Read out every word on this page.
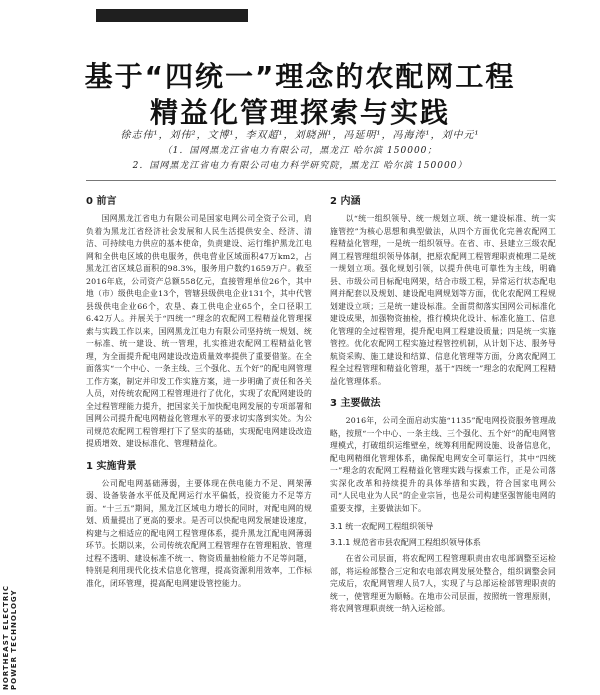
基于“四统一”理念的农配网工程
精益化管理探索与实践
徐志伟¹，刘伟²，文博¹，李双超¹，刘晓洲¹，冯延明¹，冯海涛¹，刘中元¹
（1．国网黑龙江省电力有限公司，黑龙江 哈尔滨 150000；
2．国网黑龙江省电力有限公司电力科学研究院，黑龙江 哈尔滨 150000）
0 前言

国网黑龙江省电力有限公司是国家电网公司全资子公司，肩负着为黑龙江省经济社会发展和人民生活提供安全、经济、清洁、可持续电力供应的基本使命，负责建设、运行维护黑龙江电网和全供电区域的供电服务，供电营业区域面积47万km2，占黑龙江省区域总面积的98.3%，服务用户数约1659万户。截至2016年底，公司资产总额558亿元，直接管理单位26个，其中地（市）级供电企业13个，管辖县级供电企业131个，其中代管县级供电企业66个，农垦、森工供电企业65个，全口径职工6.42万人。并展关于“四统一”理念的农配网工程精益化管理探索与实践工作以来，国网黑龙江电力有限公司坚持统一规划、统一标准、统一建设、统一管理，扎实推进农配网工程精益化管理，为全面提升配电网建设改造质量效率提供了重要借鉴。在全面落实“一个中心、一条主线、三个强化、五个好”的配电网管理工作方案，制定并印发工作实施方案，进一步明确了责任和各关人员，对传统农配网工程管理进行了优化，实现了农配网建设的全过程管理能力提升，把国家关于加快配电网发展的专项部署和国网公司提升配电网精益化管理水平的要求切实落到实处。为公司规范农配网工程管理打下了坚实的基础，实现配电网建设改造提质增效、建设标准化、管理精益化。

1 实施背景

公司配电网基础薄弱，主要体现在供电能力不足、网架薄弱、设备装备水平低及配网运行水平偏低，投资能力不足等方面。“十三五”期间，黑龙江区域电力增长的同时，对配电网的规划、质量提出了更高的要求。是否可以快配电网发展建设速度，构建与之相适应的配电网工程管理体系，提升黑龙江配电网薄弱环节。长期以来，公司传统农配网工程管理存在管理粗放、管理过程不透明、建设标准不统一、物资质量抽检能力不足等问题，特别是利用现代化技术信息化管理，提高资源利用效率，工作标准化，闭环管理，提高配电网建设管控能力。

2 内涵

以“统一组织领导、统一规划立项、统一建设标准、统一实施管控”为核心思想和典型做法，从四个方面优化完善农配网工程精益化管理，一是统一组织领导。在省、市、县建立三级农配网工程管理组织领导体制，把原农配网工程管理职责梳理二是统一规划立项。强化规划引领，以提升供电可靠性为主线，明确县、市级公司目标配电网架，结合市级工程，异常运行状态配电网并配套以及规划、建设配电网规划等方面，优化农配网工程规划建设立项；三是统一建设标准。全面贯彻落实国网公司标准化建设成果，加强物资抽检，推行模块化设计、标准化施工、信息化管理的全过程管理，提升配电网工程建设质量；四是统一实施管控。优化农配网工程实施过程管控机制，从计划下达、服务导航资采购、施工建设和结算、信息化管理等方面，分离农配网工程全过程管理和精益化管理，基于“四统一”理念的农配网工程精益化管理体系。

3 主要做法

2016年，公司全面启动实施“1135”配电网投资服务管理战略，按照“一个中心、一条主线、三个强化、五个好”的配电网管理模式，打破组织运维壁垒，统筹利用配网设施、设备信息化，配电网精细化管理体系，确保配电网安全可靠运行，其中“四统一”理念的农配网工程精益化管理实践与探索工作，正是公司落实深化改革和持续提升的具体举措和实践，符合国家电网公司“人民电业为人民”的企业宗旨，也是公司构建坚强智能电网的重要支撑，主要做法如下。

3.1 统一农配网工程组织领导
3.1.1 规范省市县农配网工程组织领导体系

在省公司层面，将农配网工程管理职责由农电部调整至运检部，将运检部整合三定和农电部农网发展处整合，组织调整会同完成后，农配网管理人员7人，实现了与总部运检部管理职责的统一，使管理更为顺畅。在地市公司层面，按照统一管理原则，将农网管理职责统一纳入运检部。

NORTHEAST ELECTRIC POWER TECHNOLOGY
